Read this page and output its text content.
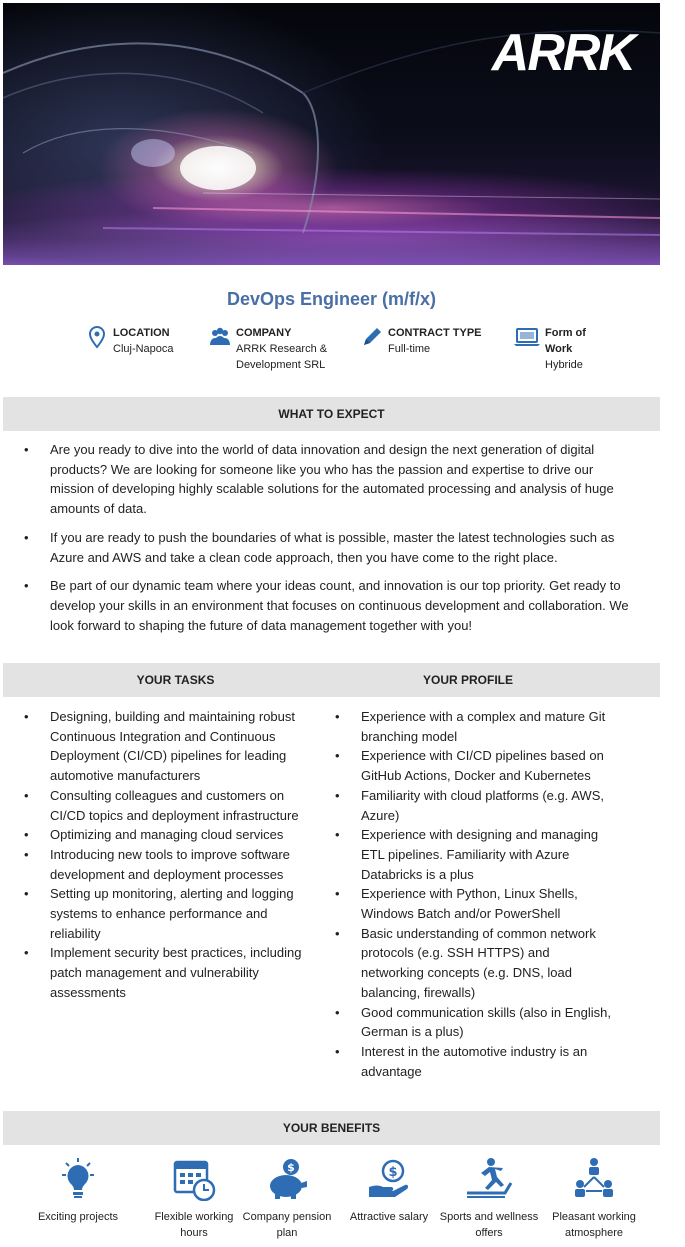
ARRK
DevOps Engineer (m/f/x)
LOCATION
Cluj-Napoca
COMPANY
ARRK Research & Development SRL
CONTRACT TYPE
Full-time
Form of Work
Hybride
WHAT TO EXPECT
• Are you ready to dive into the world of data innovation and design the next generation of digital products? We are looking for someone like you who has the passion and expertise to drive our mission of developing highly scalable solutions for the automated processing and analysis of huge amounts of data.
• If you are ready to push the boundaries of what is possible, master the latest technologies such as Azure and AWS and take a clean code approach, then you have come to the right place.
• Be part of our dynamic team where your ideas count, and innovation is our top priority. Get ready to develop your skills in an environment that focuses on continuous development and collaboration. We look forward to shaping the future of data management together with you!
YOUR TASKS	YOUR PROFILE
• Designing, building and maintaining robust Continuous Integration and Continuous Deployment (CI/CD) pipelines for leading automotive manufacturers
• Consulting colleagues and customers on CI/CD topics and deployment infrastructure
• Optimizing and managing cloud services
• Introducing new tools to improve software development and deployment processes
• Setting up monitoring, alerting and logging systems to enhance performance and reliability
• Implement security best practices, including patch management and vulnerability assessments
• Experience with a complex and mature Git branching model
• Experience with CI/CD pipelines based on GitHub Actions, Docker and Kubernetes
• Familiarity with cloud platforms (e.g. AWS, Azure)
• Experience with designing and managing ETL pipelines. Familiarity with Azure Databricks is a plus
• Experience with Python, Linux Shells, Windows Batch and/or PowerShell
• Basic understanding of common network protocols (e.g. SSH HTTPS) and networking concepts (e.g. DNS, load balancing, firewalls)
• Good communication skills (also in English, German is a plus)
• Interest in the automotive industry is an advantage
YOUR BENEFITS
Exciting projects	Flexible working hours
$
Company pension plan
$
Attractive salary	Sports and wellness offers
Pleasant working atmosphere
